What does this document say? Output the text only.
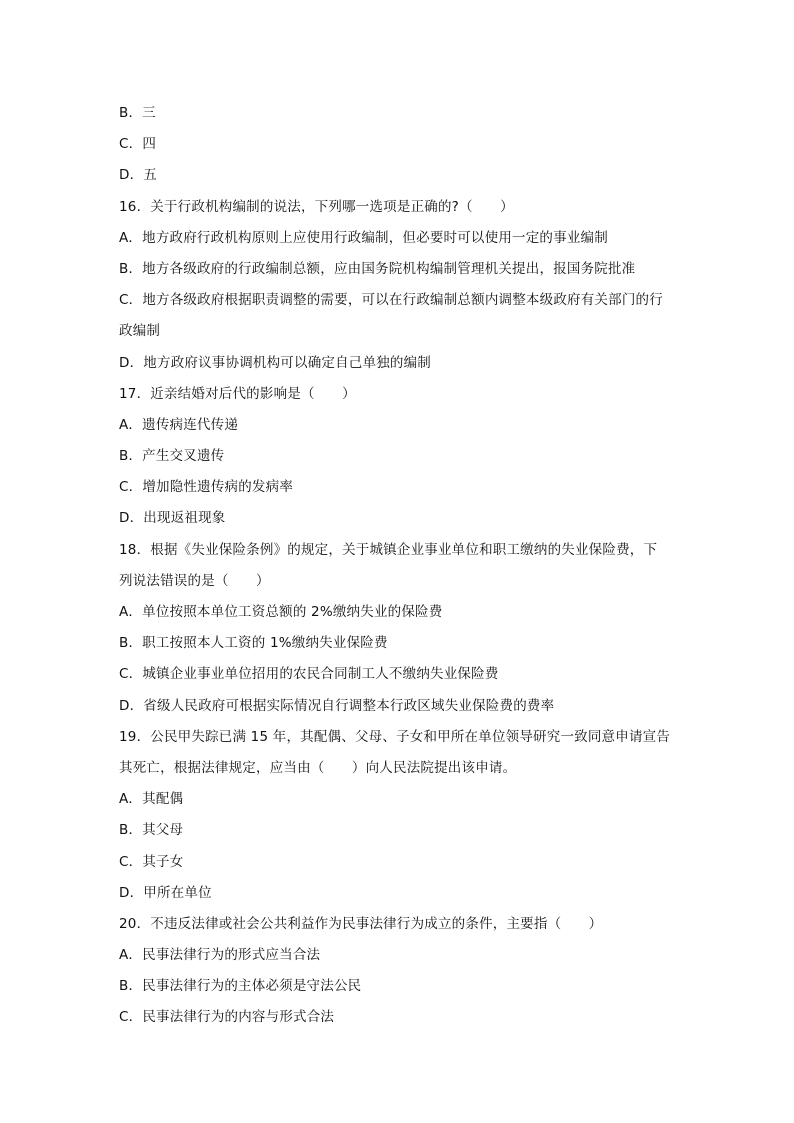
B．三
C．四
D．五
16．关于行政机构编制的说法，下列哪一选项是正确的?（　　）
A．地方政府行政机构原则上应使用行政编制，但必要时可以使用一定的事业编制
B．地方各级政府的行政编制总额，应由国务院机构编制管理机关提出，报国务院批准
C．地方各级政府根据职责调整的需要，可以在行政编制总额内调整本级政府有关部门的行
政编制
D．地方政府议事协调机构可以确定自己单独的编制
17．近亲结婚对后代的影响是（　　）
A．遗传病连代传递
B．产生交叉遗传
C．增加隐性遗传病的发病率
D．出现返祖现象
18．根据《失业保险条例》的规定，关于城镇企业事业单位和职工缴纳的失业保险费，下
列说法错误的是（　　）
A．单位按照本单位工资总额的 2%缴纳失业的保险费
B．职工按照本人工资的 1%缴纳失业保险费
C．城镇企业事业单位招用的农民合同制工人不缴纳失业保险费
D．省级人民政府可根据实际情况自行调整本行政区域失业保险费的费率
19．公民甲失踪已满 15 年，其配偶、父母、子女和甲所在单位领导研究一致同意申请宣告
其死亡，根据法律规定，应当由（　　）向人民法院提出该申请。
A．其配偶
B．其父母
C．其子女
D．甲所在单位
20．不违反法律或社会公共利益作为民事法律行为成立的条件，主要指（　　）
A．民事法律行为的形式应当合法
B．民事法律行为的主体必须是守法公民
C．民事法律行为的内容与形式合法
